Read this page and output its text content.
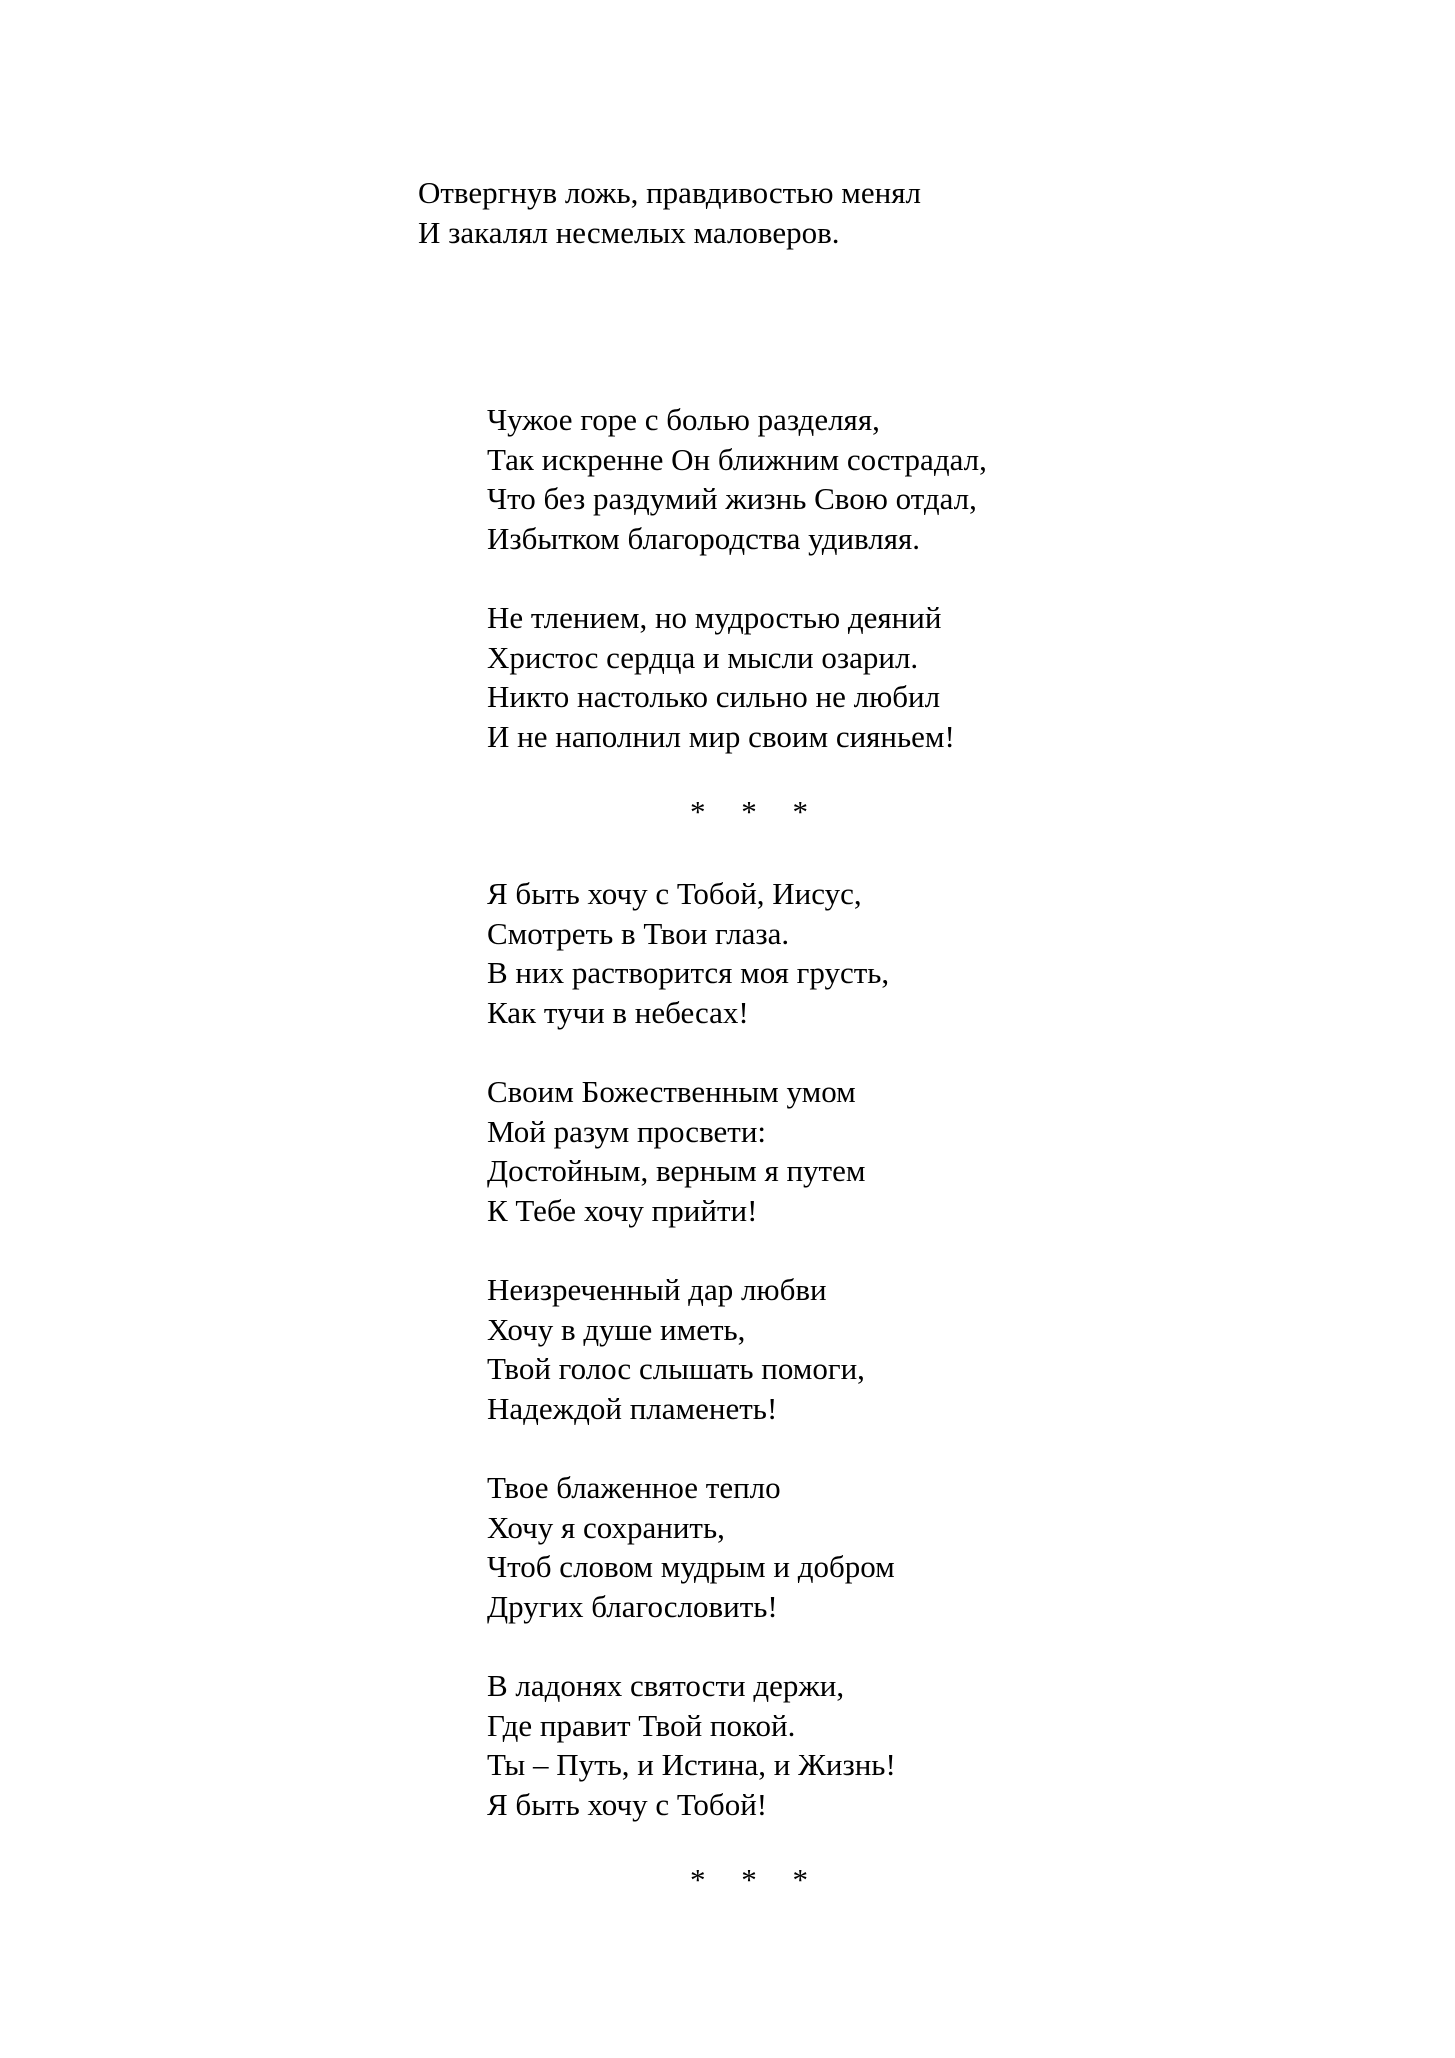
Отвергнув ложь, правдивостью менял
И закалял несмелых маловеров.
Чужое горе с болью разделяя,
Так искренне Он ближним сострадал,
Что без раздумий жизнь Свою отдал,
Избытком благородства удивляя.
Не тлением, но мудростью деяний
Христос сердца и мысли озарил.
Никто настолько сильно не любил
И не наполнил мир своим сияньем!
* * *
Я быть хочу с Тобой, Иисус,
Смотреть в Твои глаза.
В них растворится моя грусть,
Как тучи в небесах!
Своим Божественным умом
Мой разум просвети:
Достойным, верным я путем
К Тебе хочу прийти!
Неизреченный дар любви
Хочу в душе иметь,
Твой голос слышать помоги,
Надеждой пламенеть!
Твое блаженное тепло
Хочу я сохранить,
Чтоб словом мудрым и добром
Других благословить!
В ладонях святости держи,
Где правит Твой покой.
Ты – Путь, и Истина, и Жизнь!
Я быть хочу с Тобой!
* * *
